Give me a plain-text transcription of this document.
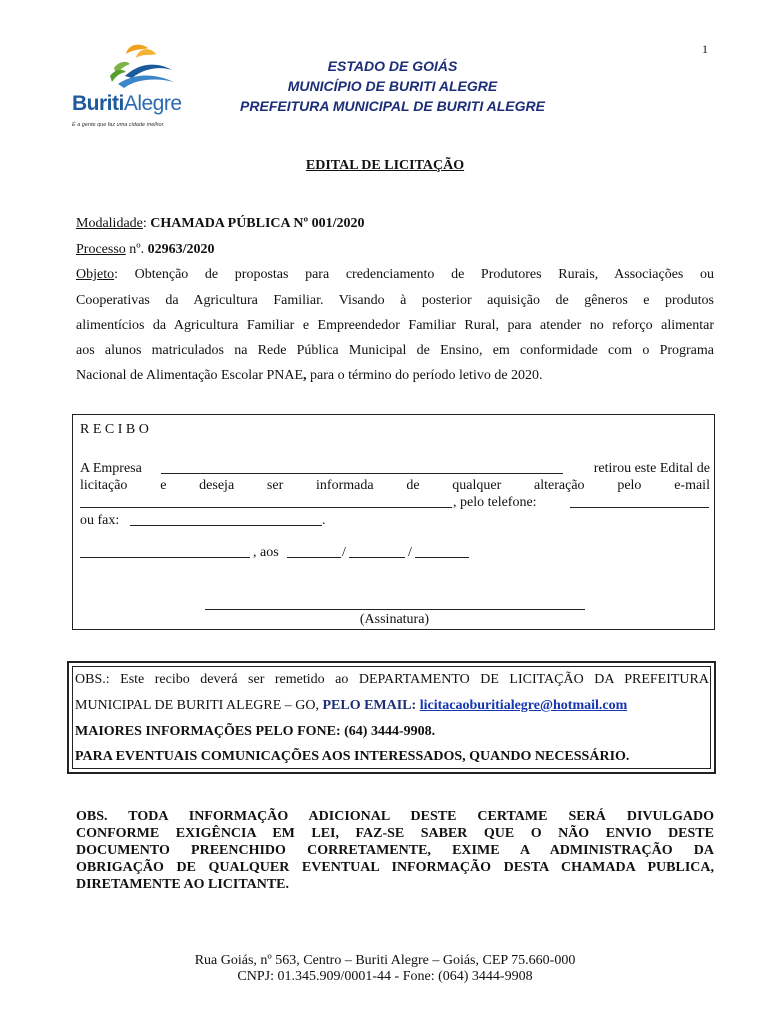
1
BuritiAlegre
É a gente que faz uma cidade melhor.
ESTADO DE GOIÁS
MUNICÍPIO DE BURITI ALEGRE
PREFEITURA MUNICIPAL DE BURITI ALEGRE
EDITAL DE LICITAÇÃO
Modalidade: CHAMADA PÚBLICA Nº 001/2020
Processo nº. 02963/2020
Objeto: Obtenção de propostas para credenciamento de Produtores Rurais, Associações ou
Cooperativas da Agricultura Familiar. Visando à posterior aquisição de gêneros e produtos
alimentícios da Agricultura Familiar e Empreendedor Familiar Rural, para atender no reforço alimentar
aos alunos matriculados na Rede Pública Municipal de Ensino, em conformidade com o Programa
Nacional de Alimentação Escolar PNAE, para o término do período letivo de 2020.
R E C I B O
A Empresa	retirou este Edital de
licitação e deseja ser informada de qualquer alteração pelo e-mail
, pelo telefone:
ou fax:	.
, aos	/	/
(Assinatura)
OBS.: Este recibo deverá ser remetido ao DEPARTAMENTO DE LICITAÇÃO DA PREFEITURA
MUNICIPAL DE BURITI ALEGRE – GO, PELO EMAIL: licitacaoburitialegre@hotmail.com
MAIORES INFORMAÇÕES PELO FONE: (64) 3444-9908.
PARA EVENTUAIS COMUNICAÇÕES AOS INTERESSADOS, QUANDO NECESSÁRIO.
OBS. TODA INFORMAÇÃO ADICIONAL DESTE CERTAME SERÁ DIVULGADO
CONFORME EXIGÊNCIA EM LEI, FAZ-SE SABER QUE O NÃO ENVIO DESTE
DOCUMENTO PREENCHIDO CORRETAMENTE, EXIME A ADMINISTRAÇÃO DA
OBRIGAÇÃO DE QUALQUER EVENTUAL INFORMAÇÃO DESTA CHAMADA PUBLICA,
DIRETAMENTE AO LICITANTE.
Rua Goiás, nº 563, Centro – Buriti Alegre – Goiás, CEP 75.660-000
CNPJ: 01.345.909/0001-44 - Fone: (064) 3444-9908
